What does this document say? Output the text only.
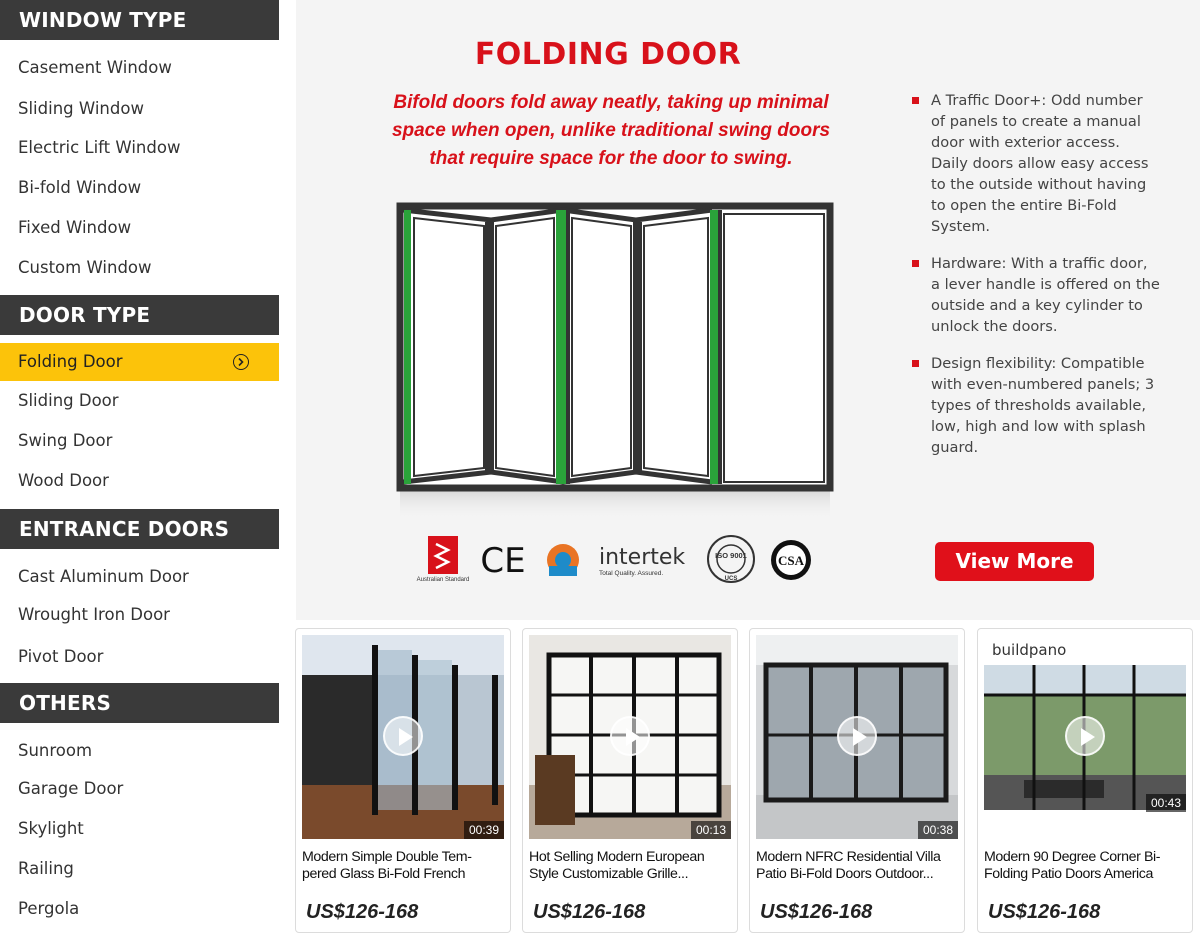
WINDOW TYPE
Casement Window
Sliding Window
Electric Lift Window
Bi-fold Window
Fixed Window
Custom Window
DOOR TYPE
Folding Door
Sliding Door
Swing Door
Wood Door
ENTRANCE DOORS
Cast Aluminum Door
Wrought Iron Door
Pivot Door
OTHERS
Sunroom
Garage Door
Skylight
Railing
Pergola
FOLDING DOOR
Bifold doors fold away neatly, taking up minimal
space when open, unlike traditional swing doors
that require space for the door to swing.
Australian Standard CE	intertek
Total Quality. Assured.
ISO 9001
UCS
CSA
A Traffic Door+: Odd number of panels to create a manual door with exterior access. Daily doors allow easy access to the outside without having to open the entire Bi-Fold System.
Hardware: With a traffic door, a lever handle is offered on the outside and a key cylinder to unlock the doors.
Design flexibility: Compatible with even-numbered panels; 3 types of thresholds available, low, high and low with splash guard.
View More
00:39
Modern Simple Double Tem-pered Glass Bi-Fold French
US$126-168
00:13
Hot Selling Modern European Style Customizable Grille...
US$126-168
00:38
Modern NFRC Residential Villa Patio Bi-Fold Doors Outdoor...
US$126-168
buildpano
00:43
Modern 90 Degree Corner Bi-Folding Patio Doors America
US$126-168
